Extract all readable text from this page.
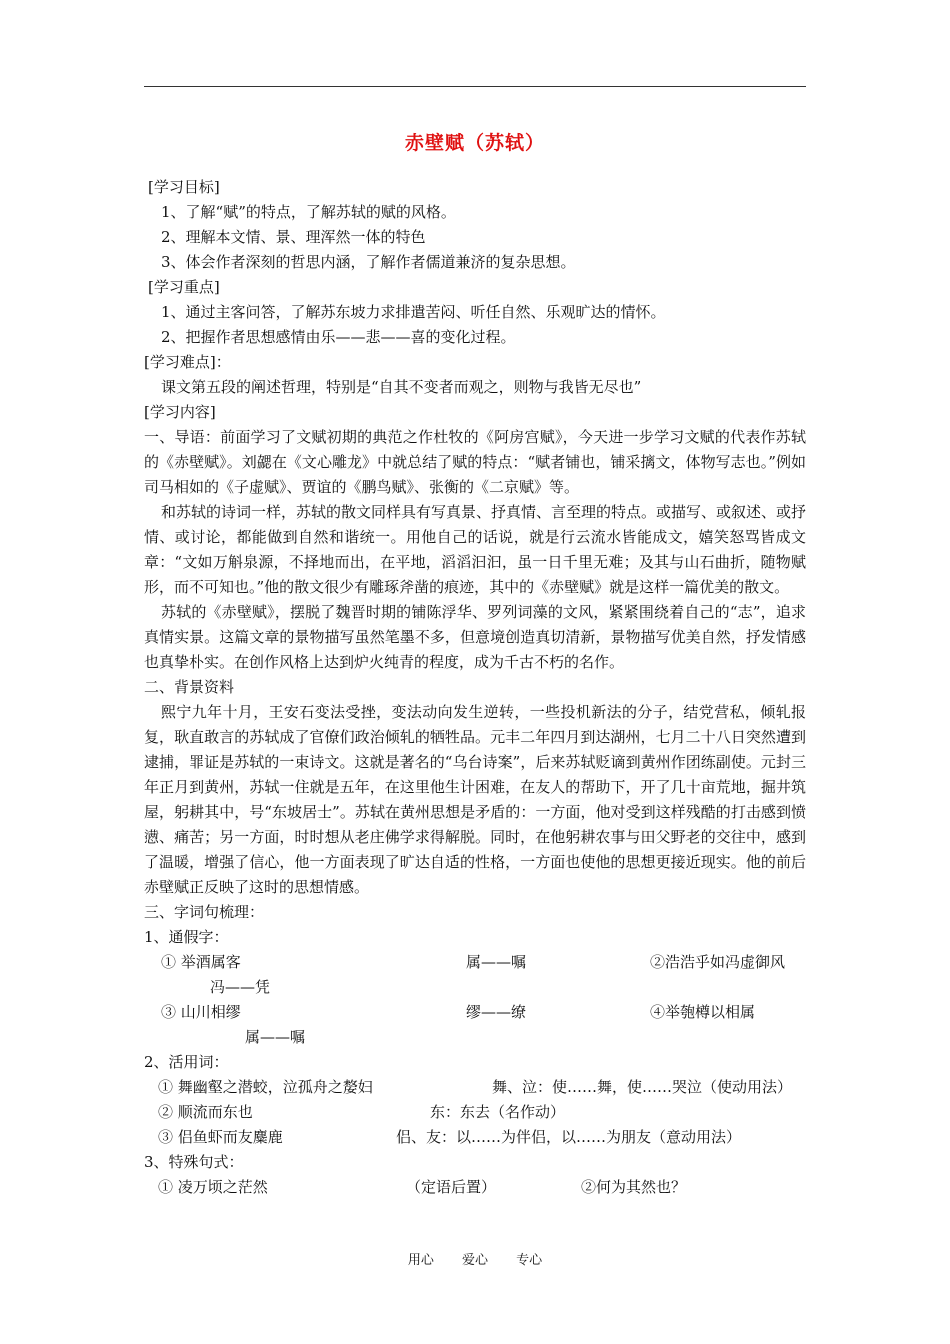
赤壁赋（苏轼）
[学习目标]
1、了解“赋”的特点，了解苏轼的赋的风格。
2、理解本文情、景、理浑然一体的特色
3、体会作者深刻的哲思内涵，了解作者儒道兼济的复杂思想。
[学习重点]
1、通过主客问答，了解苏东坡力求排遣苦闷、听任自然、乐观旷达的情怀。
2、把握作者思想感情由乐——悲——喜的变化过程。
[学习难点]：
课文第五段的阐述哲理，特别是“自其不变者而观之，则物与我皆无尽也”
[学习内容]
一、导语：前面学习了文赋初期的典范之作杜牧的《阿房宫赋》，今天进一步学习文赋的代表作苏轼的《赤壁赋》。刘勰在《文心雕龙》中就总结了赋的特点：“赋者铺也，铺采摛文，体物写志也。”例如司马相如的《子虚赋》、贾谊的《鹏鸟赋》、张衡的《二京赋》等。
和苏轼的诗词一样，苏轼的散文同样具有写真景、抒真情、言至理的特点。或描写、或叙述、或抒情、或讨论，都能做到自然和谐统一。用他自己的话说，就是行云流水皆能成文，嬉笑怒骂皆成文章：“文如万斛泉源，不择地而出，在平地，滔滔汩汩，虽一日千里无难；及其与山石曲折，随物赋形，而不可知也。”他的散文很少有雕琢斧凿的痕迹，其中的《赤壁赋》就是这样一篇优美的散文。
苏轼的《赤壁赋》，摆脱了魏晋时期的铺陈浮华、罗列词藻的文风，紧紧围绕着自己的“志”，追求真情实景。这篇文章的景物描写虽然笔墨不多，但意境创造真切清新，景物描写优美自然，抒发情感也真挚朴实。在创作风格上达到炉火纯青的程度，成为千古不朽的名作。
二、背景资料
熙宁九年十月，王安石变法受挫，变法动向发生逆转，一些投机新法的分子，结党营私，倾轧报复，耿直敢言的苏轼成了官僚们政治倾轧的牺牲品。元丰二年四月到达湖州，七月二十八日突然遭到逮捕，罪证是苏轼的一束诗文。这就是著名的“乌台诗案”，后来苏轼贬谪到黄州作团练副使。元封三年正月到黄州，苏轼一住就是五年，在这里他生计困难，在友人的帮助下，开了几十亩荒地，掘井筑屋，躬耕其中，号“东坡居士”。苏轼在黄州思想是矛盾的：一方面，他对受到这样残酷的打击感到愤懑、痛苦；另一方面，时时想从老庄佛学求得解脱。同时，在他躬耕农事与田父野老的交往中，感到了温暖，增强了信心，他一方面表现了旷达自适的性格，一方面也使他的思想更接近现实。他的前后赤壁赋正反映了这时的思想情感。
三、字词句梳理：
1、通假字：
① 举酒属客	属——嘱	②浩浩乎如冯虚御风
冯——凭
③ 山川相缪	缪——缭	④举匏樽以相属
属——嘱
2、活用词：
① 舞幽壑之潜蛟，泣孤舟之嫠妇	舞、泣：使……舞，使……哭泣（使动用法）
② 顺流而东也	东：东去（名作动）
③ 侣鱼虾而友麋鹿	侣、友：以……为伴侣，以……为朋友（意动用法）
3、特殊句式：
① 凌万顷之茫然	（定语后置）	②何为其然也？
用心 爱心 专心
